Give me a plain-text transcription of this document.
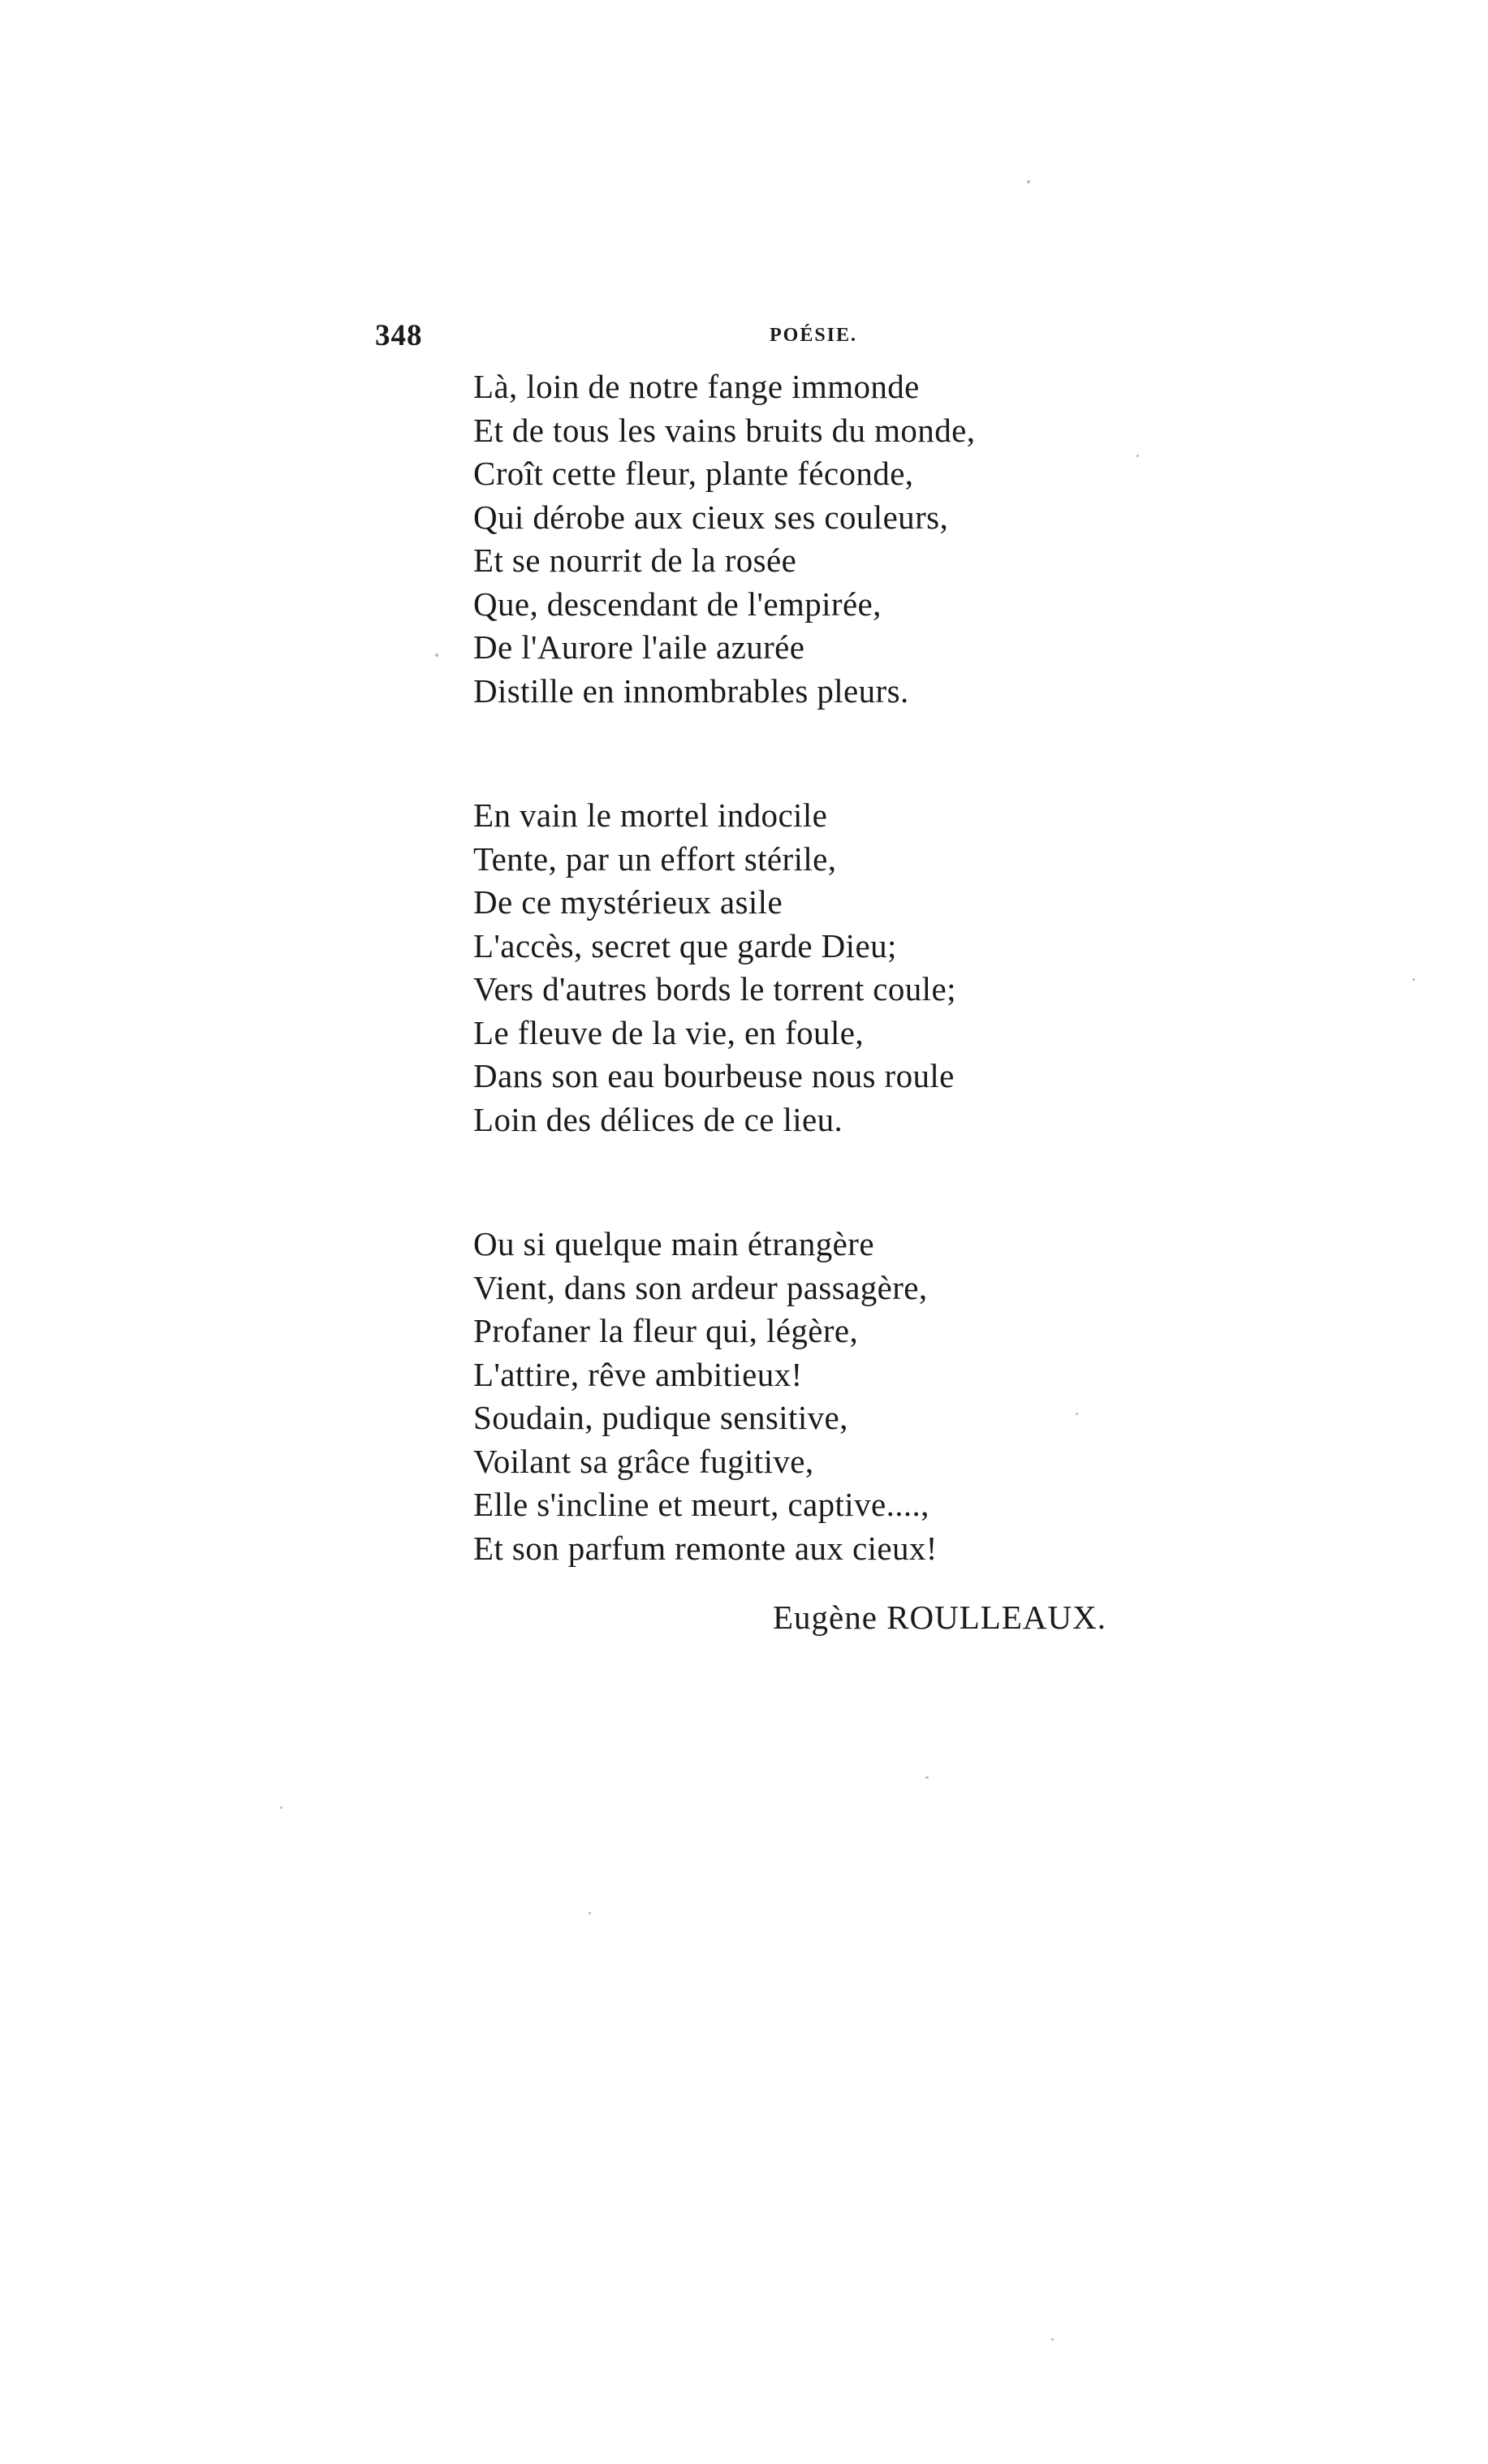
348	POÉSIE.
Là, loin de notre fange immonde
Et de tous les vains bruits du monde,
Croît cette fleur, plante féconde,
Qui dérobe aux cieux ses couleurs,
Et se nourrit de la rosée
Que, descendant de l'empirée,
De l'Aurore l'aile azurée
Distille en innombrables pleurs.
En vain le mortel indocile
Tente, par un effort stérile,
De ce mystérieux asile
L'accès, secret que garde Dieu;
Vers d'autres bords le torrent coule;
Le fleuve de la vie, en foule,
Dans son eau bourbeuse nous roule
Loin des délices de ce lieu.
Ou si quelque main étrangère
Vient, dans son ardeur passagère,
Profaner la fleur qui, légère,
L'attire, rêve ambitieux!
Soudain, pudique sensitive,
Voilant sa grâce fugitive,
Elle s'incline et meurt, captive....,
Et son parfum remonte aux cieux!
Eugène ROULLEAUX.
